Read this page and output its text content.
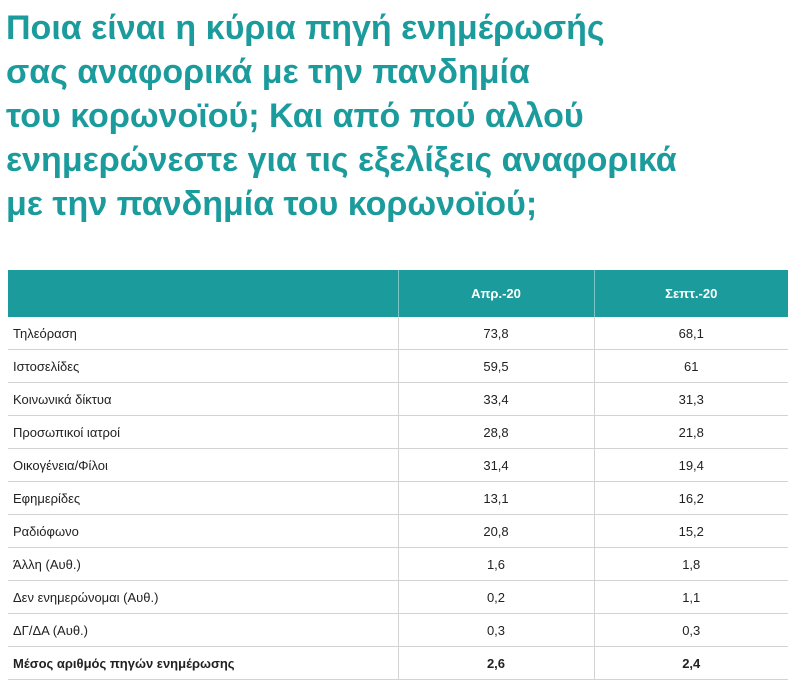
Ποια είναι η κύρια πηγή ενημέρωσής
σας αναφορικά με την πανδημία
του κορωνοϊού; Και από πού αλλού
ενημερώνεστε για τις εξελίξεις αναφορικά
με την πανδημία του κορωνοϊού;
	Απρ.-20	Σεπτ.-20
Τηλεόραση	73,8	68,1
Ιστοσελίδες	59,5	61
Κοινωνικά δίκτυα	33,4	31,3
Προσωπικοί ιατροί	28,8	21,8
Οικογένεια/Φίλοι	31,4	19,4
Εφημερίδες	13,1	16,2
Ραδιόφωνο	20,8	15,2
Άλλη (Αυθ.)	1,6	1,8
Δεν ενημερώνομαι (Αυθ.)	0,2	1,1
ΔΓ/ΔΑ (Αυθ.)	0,3	0,3
Μέσος αριθμός πηγών ενημέρωσης	2,6	2,4
